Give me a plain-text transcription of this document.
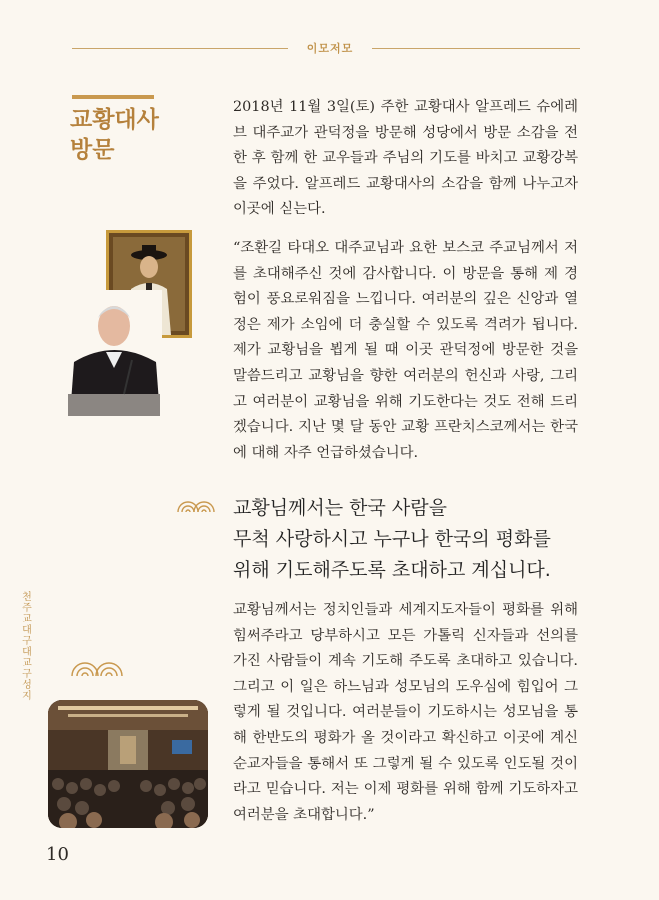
이모저모
교황대사
방문
2018년 11월 3일(토) 주한 교황대사 알프레드 슈에레브 대주교가 관덕정을 방문해 성당에서 방문 소감을 전한 후 함께 한 교우들과 주님의 기도를 바치고 교황강복을 주었다. 알프레드 교황대사의 소감을 함께 나누고자 이곳에 싣는다.
“조환길 타대오 대주교님과 요한 보스코 주교님께서 저를 초대해주신 것에 감사합니다. 이 방문을 통해 제 경험이 풍요로워짐을 느낍니다. 여러분의 깊은 신앙과 열정은 제가 소임에 더 충실할 수 있도록 격려가 됩니다. 제가 교황님을 뵙게 될 때 이곳 관덕정에 방문한 것을 말씀드리고 교황님을 향한 여러분의 헌신과 사랑, 그리고 여러분이 교황님을 위해 기도한다는 것도 전해 드리겠습니다. 지난 몇 달 동안 교황 프란치스코께서는 한국에 대해 자주 언급하셨습니다.
교황님께서는 한국 사람을
무척 사랑하시고 누구나 한국의 평화를
위해 기도해주도록 초대하고 계십니다.
교황님께서는 정치인들과 세계지도자들이 평화를 위해 힘써주라고 당부하시고 모든 가톨릭 신자들과 선의를 가진 사람들이 계속 기도해 주도록 초대하고 있습니다. 그리고 이 일은 하느님과 성모님의 도우심에 힘입어 그렇게 될 것입니다. 여러분들이 기도하시는 성모님을 통해 한반도의 평화가 올 것이라고 확신하고 이곳에 계신 순교자들을 통해서 또 그렇게 될 수 있도록 인도될 것이라고 믿습니다. 저는 이제 평화를 위해 함께 기도하자고 여러분을 초대합니다.”
천주교대구대교구 성지
10
